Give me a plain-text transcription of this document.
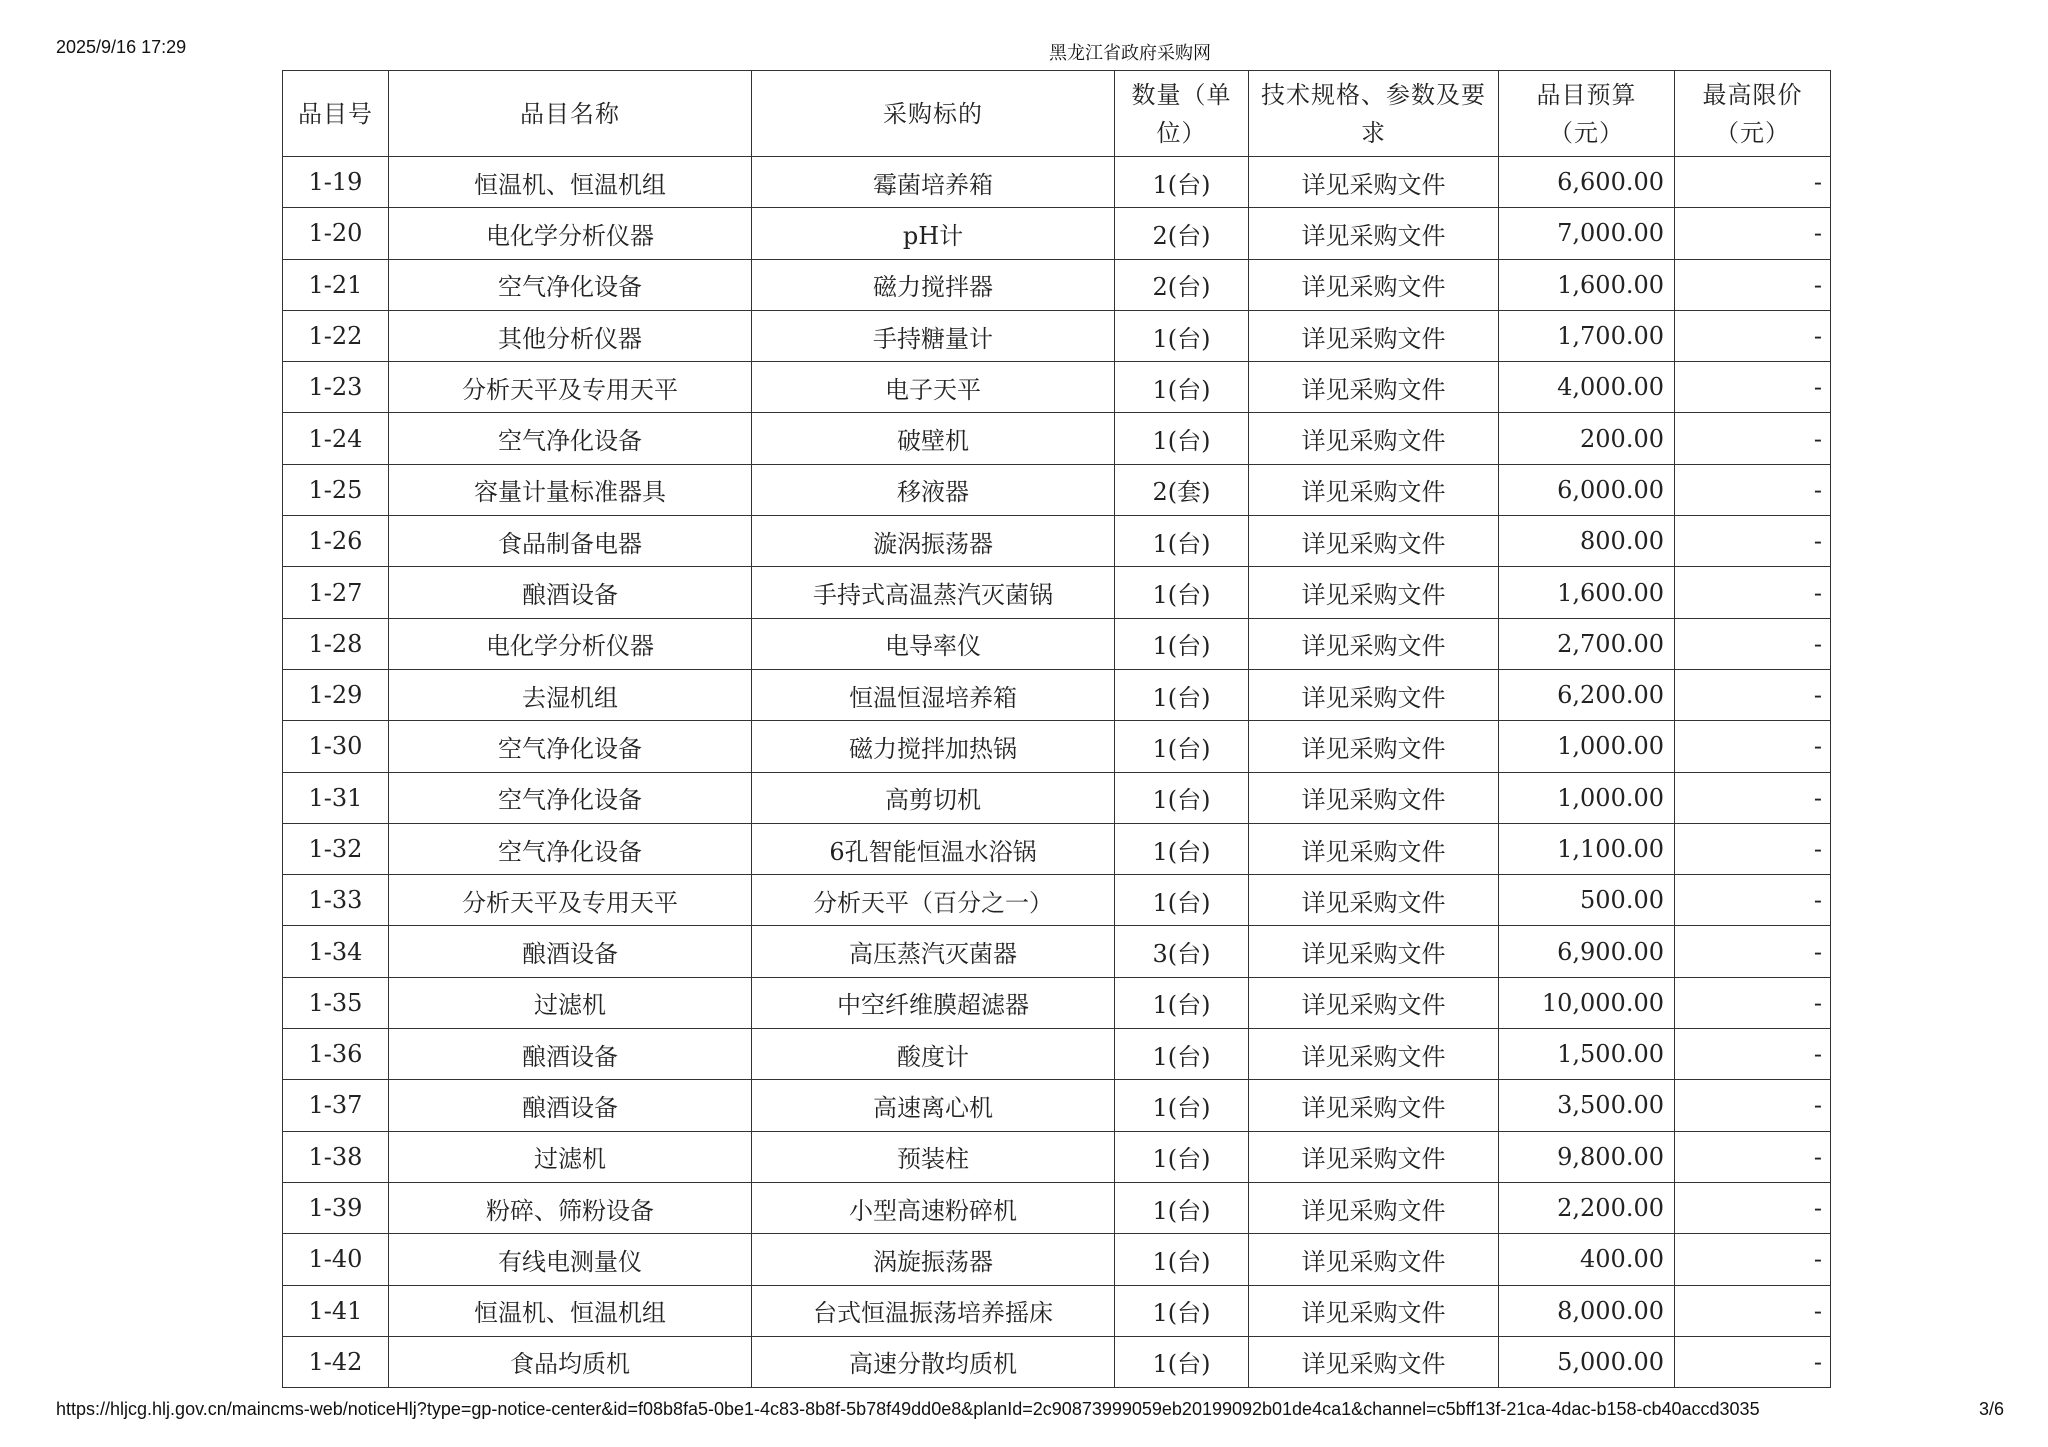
2025/9/16 17:29	黑龙江省政府采购网
品目号	品目名称	采购标的	数量（单位）	技术规格、参数及要求	品目预算（元）	最高限价（元）
1-19	恒温机、恒温机组	霉菌培养箱	1(台)	详见采购文件	6,600.00	-
1-20	电化学分析仪器	pH计	2(台)	详见采购文件	7,000.00	-
1-21	空气净化设备	磁力搅拌器	2(台)	详见采购文件	1,600.00	-
1-22	其他分析仪器	手持糖量计	1(台)	详见采购文件	1,700.00	-
1-23	分析天平及专用天平	电子天平	1(台)	详见采购文件	4,000.00	-
1-24	空气净化设备	破壁机	1(台)	详见采购文件	200.00	-
1-25	容量计量标准器具	移液器	2(套)	详见采购文件	6,000.00	-
1-26	食品制备电器	漩涡振荡器	1(台)	详见采购文件	800.00	-
1-27	酿酒设备	手持式高温蒸汽灭菌锅	1(台)	详见采购文件	1,600.00	-
1-28	电化学分析仪器	电导率仪	1(台)	详见采购文件	2,700.00	-
1-29	去湿机组	恒温恒湿培养箱	1(台)	详见采购文件	6,200.00	-
1-30	空气净化设备	磁力搅拌加热锅	1(台)	详见采购文件	1,000.00	-
1-31	空气净化设备	高剪切机	1(台)	详见采购文件	1,000.00	-
1-32	空气净化设备	6孔智能恒温水浴锅	1(台)	详见采购文件	1,100.00	-
1-33	分析天平及专用天平	分析天平（百分之一）	1(台)	详见采购文件	500.00	-
1-34	酿酒设备	高压蒸汽灭菌器	3(台)	详见采购文件	6,900.00	-
1-35	过滤机	中空纤维膜超滤器	1(台)	详见采购文件	10,000.00	-
1-36	酿酒设备	酸度计	1(台)	详见采购文件	1,500.00	-
1-37	酿酒设备	高速离心机	1(台)	详见采购文件	3,500.00	-
1-38	过滤机	预装柱	1(台)	详见采购文件	9,800.00	-
1-39	粉碎、筛粉设备	小型高速粉碎机	1(台)	详见采购文件	2,200.00	-
1-40	有线电测量仪	涡旋振荡器	1(台)	详见采购文件	400.00	-
1-41	恒温机、恒温机组	台式恒温振荡培养摇床	1(台)	详见采购文件	8,000.00	-
1-42	食品均质机	高速分散均质机	1(台)	详见采购文件	5,000.00	-
https://hljcg.hlj.gov.cn/maincms-web/noticeHlj?type=gp-notice-center&id=f08b8fa5-0be1-4c83-8b8f-5b78f49dd0e8&planId=2c90873999059eb20199092b01de4ca1&channel=c5bff13f-21ca-4dac-b158-cb40accd3035	3/6
